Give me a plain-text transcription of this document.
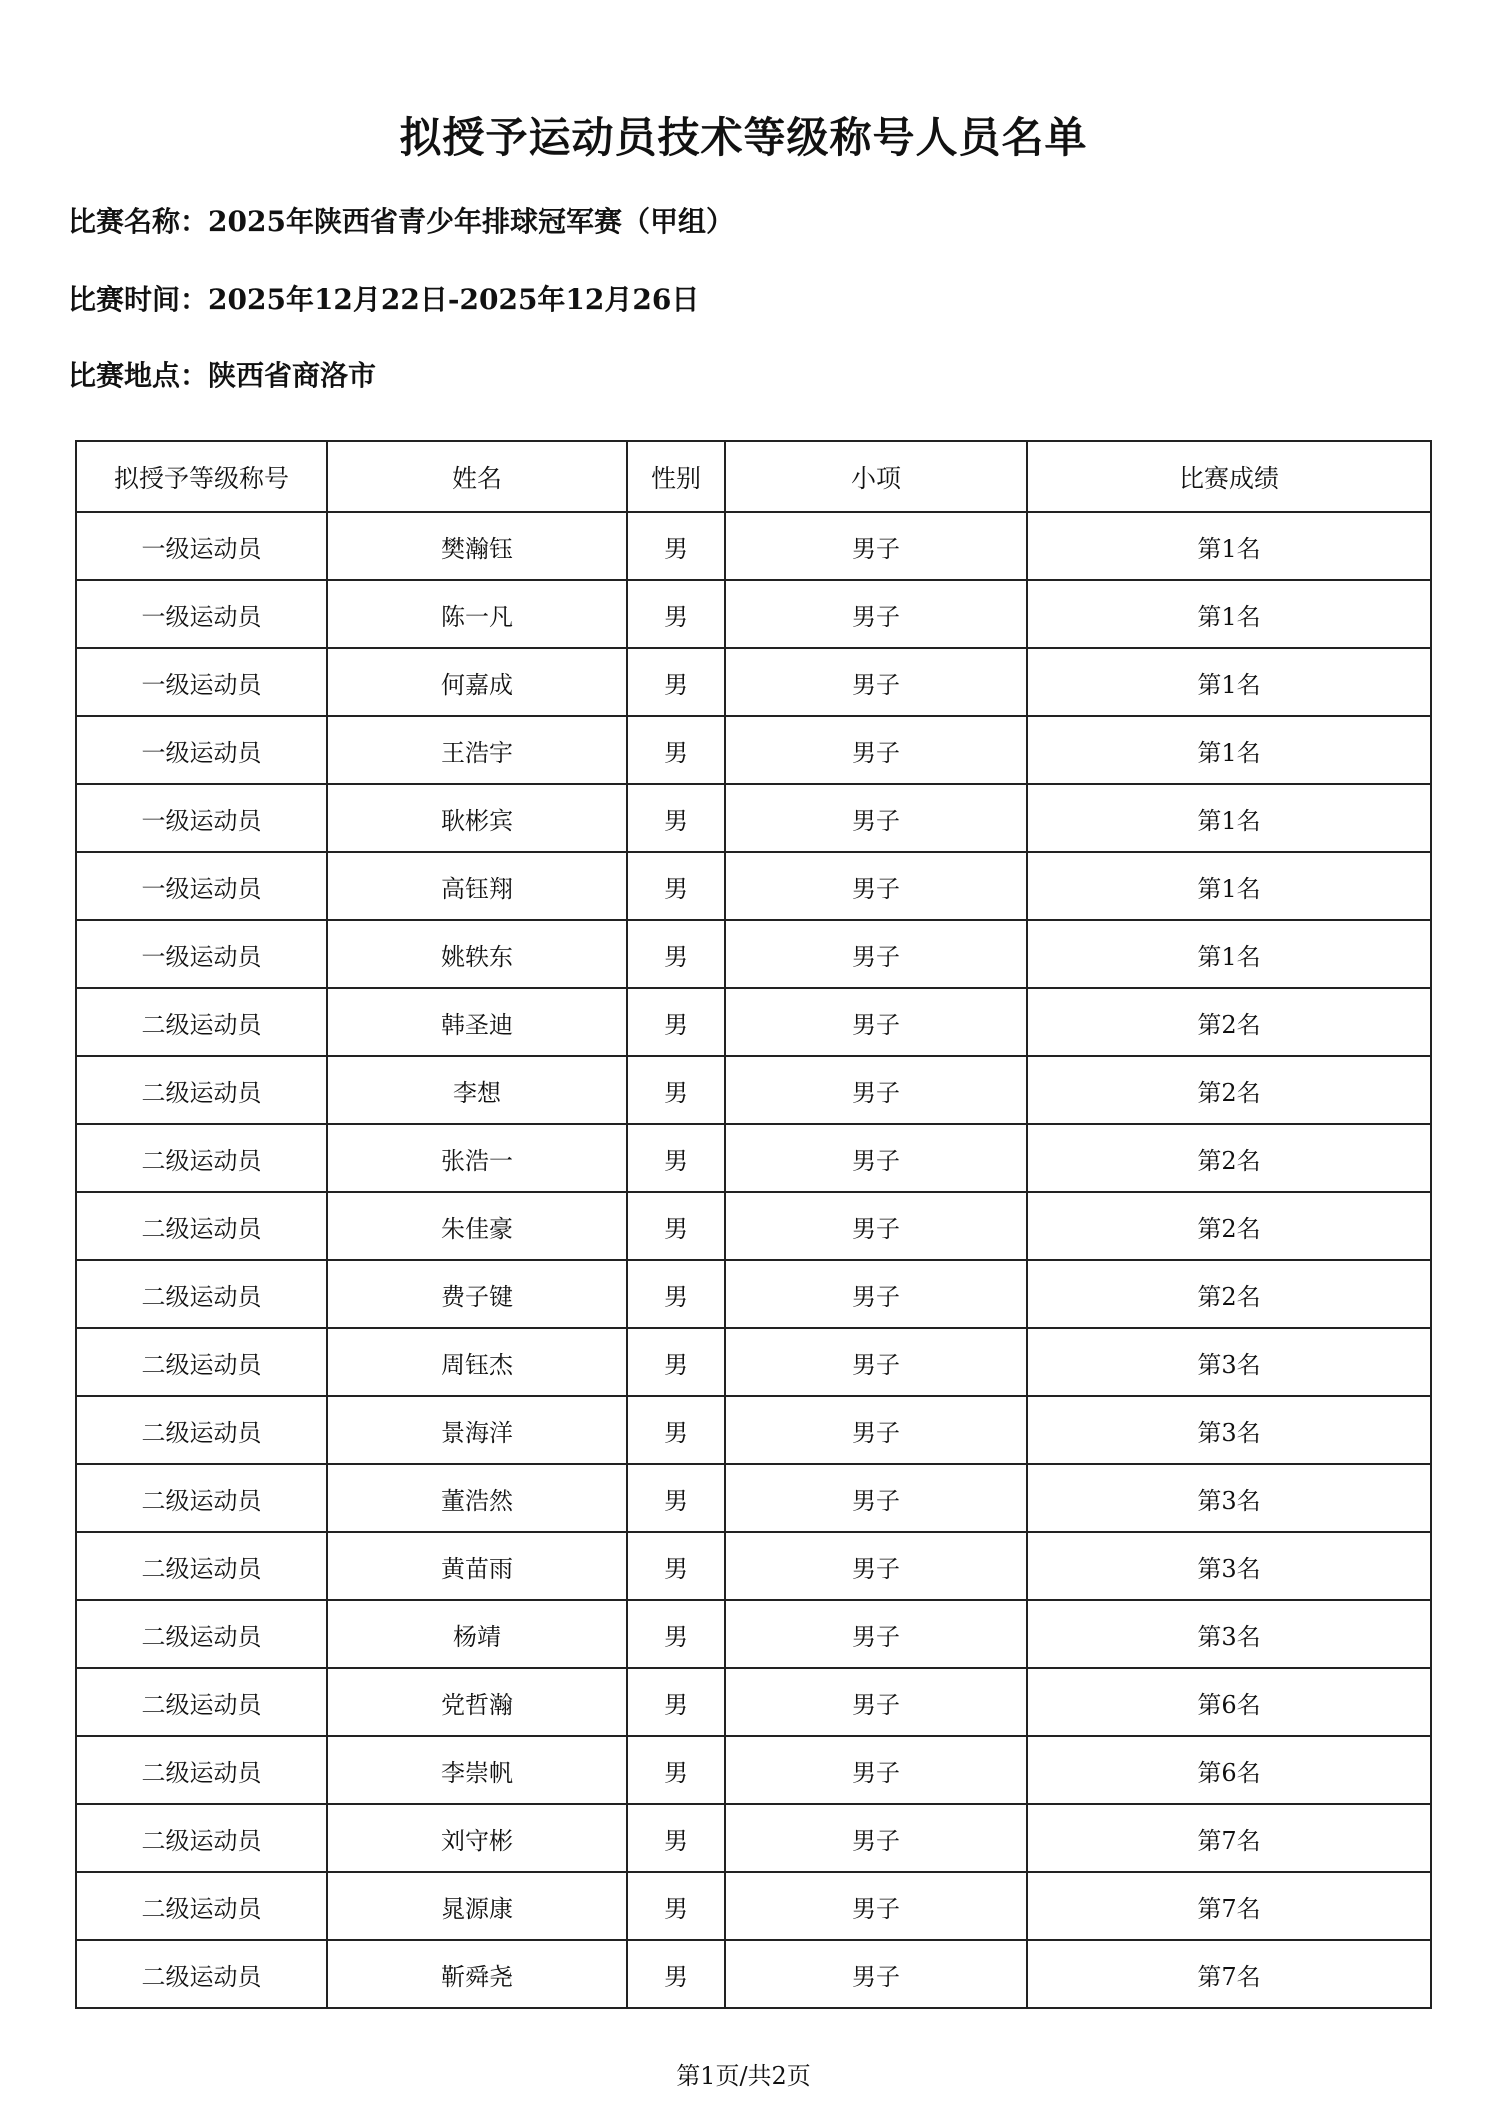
拟授予运动员技术等级称号人员名单
比赛名称：2025年陕西省青少年排球冠军赛（甲组）
比赛时间：2025年12月22日-2025年12月26日
比赛地点：陕西省商洛市
拟授予等级称号	姓名	性别	小项	比赛成绩
一级运动员	樊瀚钰	男	男子	第1名
一级运动员	陈一凡	男	男子	第1名
一级运动员	何嘉成	男	男子	第1名
一级运动员	王浩宇	男	男子	第1名
一级运动员	耿彬宾	男	男子	第1名
一级运动员	高钰翔	男	男子	第1名
一级运动员	姚轶东	男	男子	第1名
二级运动员	韩圣迪	男	男子	第2名
二级运动员	李想	男	男子	第2名
二级运动员	张浩一	男	男子	第2名
二级运动员	朱佳豪	男	男子	第2名
二级运动员	费子键	男	男子	第2名
二级运动员	周钰杰	男	男子	第3名
二级运动员	景海洋	男	男子	第3名
二级运动员	董浩然	男	男子	第3名
二级运动员	黄苗雨	男	男子	第3名
二级运动员	杨靖	男	男子	第3名
二级运动员	党哲瀚	男	男子	第6名
二级运动员	李崇帆	男	男子	第6名
二级运动员	刘守彬	男	男子	第7名
二级运动员	晁源康	男	男子	第7名
二级运动员	靳舜尧	男	男子	第7名
第1页/共2页
